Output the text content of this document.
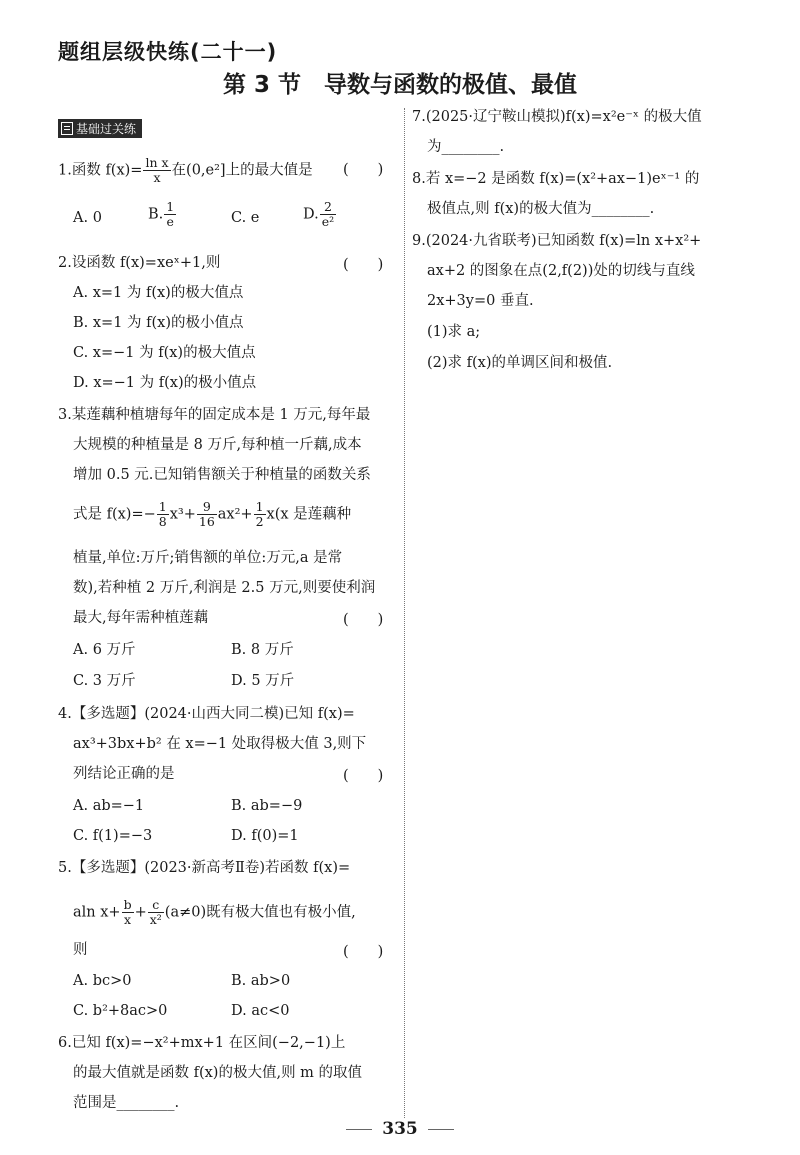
题组层级快练(二十一)
第 3 节　导数与函数的极值、最值
基础过关练
1.函数 $f(x)= \frac{\text{ln x}}{x}$ 在(0,e²]上的最大值是 (　　)
A. 0	B. $\frac{1}{e}$	C. e	D. $\frac{2}{\text{e²}}$
2.设函数 f(x)=xeˣ+1,则	(　　)
A. x=1 为 f(x)的极大值点
B. x=1 为 f(x)的极小值点
C. x=−1 为 f(x)的极大值点
D. x=−1 为 f(x)的极小值点
3.某莲藕种植塘每年的固定成本是 1 万元,每年最
大规模的种植量是 8 万斤,每种植一斤藕,成本
增加 0.5 元.已知销售额关于种植量的函数关系
式是 $f(x)=- \frac{1}{8} x^3+ \frac{9}{16} ax^2+ \frac{1}{2} x(x$ 是莲藕种
植量,单位:万斤;销售额的单位:万元,a 是常
数),若种植 2 万斤,利润是 2.5 万元,则要使利润
最大,每年需种植莲藕	(　　)
A. 6 万斤	B. 8 万斤
C. 3 万斤	D. 5 万斤
4.【多选题】(2024·山西大同二模)已知 f(x)=
ax³+3bx+b² 在 x=−1 处取得极大值 3,则下
列结论正确的是	(　　)
A. ab=−1	B. ab=−9
C. f(1)=−3	D. f(0)=1
5.【多选题】(2023·新高考Ⅱ卷)若函数 f(x)=
aln $x+ \frac{b}{x} + \frac{c}{\text{x²}} (a\ne 0)$既有极大值也有极小值,
则	(　　)
A. bc>0	B. ab>0
C. b²+8ac>0	D. ac<0
6.已知 f(x)=−x²+mx+1 在区间(−2,−1)上
的最大值就是函数 f(x)的极大值,则 m 的取值
范围是________.
7.(2025·辽宁鞍山模拟)f(x)=x²e⁻ˣ 的极大值
为________.
8.若 x=−2 是函数 f(x)=(x²+ax−1)eˣ⁻¹ 的
极值点,则 f(x)的极大值为________.
9.(2024·九省联考)已知函数 f(x)=ln x+x²+
ax+2 的图象在点(2,f(2))处的切线与直线
2x+3y=0 垂直.
(1)求 a;
(2)求 f(x)的单调区间和极值.
335
